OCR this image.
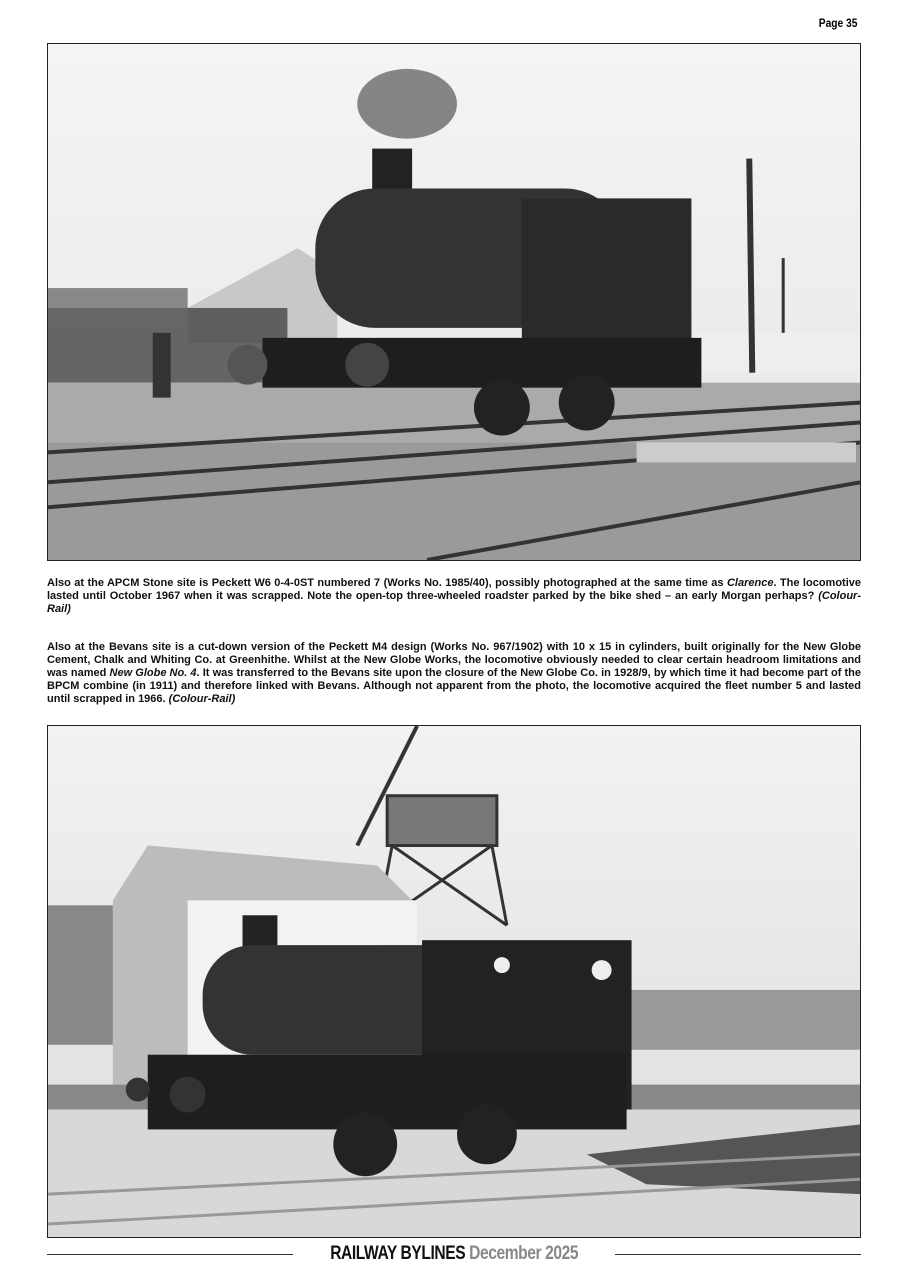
Page 35
Also at the APCM Stone site is Peckett W6 0-4-0ST numbered 7 (Works No. 1985/40), possibly photographed at the same time as Clarence. The locomotive lasted until October 1967 when it was scrapped. Note the open-top three-wheeled roadster parked by the bike shed – an early Morgan perhaps? (Colour-Rail)
Also at the Bevans site is a cut-down version of the Peckett M4 design (Works No. 967/1902) with 10 x 15 in cylinders, built originally for the New Globe Cement, Chalk and Whiting Co. at Greenhithe. Whilst at the New Globe Works, the locomotive obviously needed to clear certain headroom limitations and was named New Globe No. 4. It was transferred to the Bevans site upon the closure of the New Globe Co. in 1928/9, by which time it had become part of the BPCM combine (in 1911) and therefore linked with Bevans. Although not apparent from the photo, the locomotive acquired the fleet number 5 and lasted until scrapped in 1966. (Colour-Rail)
RAILWAY BYLINES December 2025
